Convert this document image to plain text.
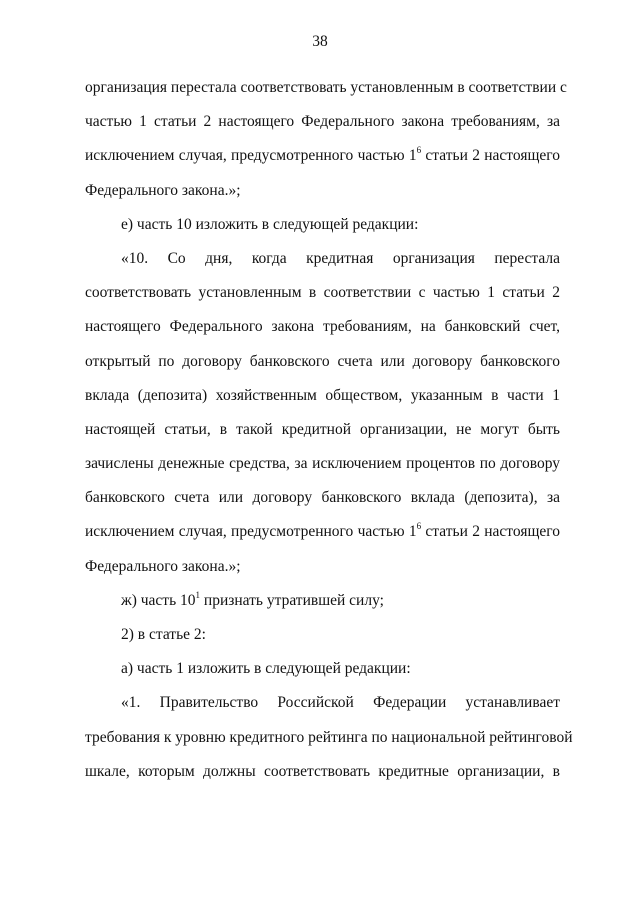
38
организация перестала соответствовать установленным в соответствии с
частью 1 статьи 2 настоящего Федерального закона требованиям, за
исключением случая, предусмотренного частью $1^6$ статьи 2 настоящего
Федерального закона.»;
е) часть 10 изложить в следующей редакции:
«10. Со дня, когда кредитная организация перестала
соответствовать установленным в соответствии с частью 1 статьи 2
настоящего Федерального закона требованиям, на банковский счет,
открытый по договору банковского счета или договору банковского
вклада (депозита) хозяйственным обществом, указанным в части 1
настоящей статьи, в такой кредитной организации, не могут быть
зачислены денежные средства, за исключением процентов по договору
банковского счета или договору банковского вклада (депозита), за
исключением случая, предусмотренного частью $1^6$ статьи 2 настоящего
Федерального закона.»;
ж) часть $10^1$ признать утратившей силу;
2) в статье 2:
а) часть 1 изложить в следующей редакции:
«1. Правительство Российской Федерации устанавливает
требования к уровню кредитного рейтинга по национальной рейтинговой
шкале, которым должны соответствовать кредитные организации, в
